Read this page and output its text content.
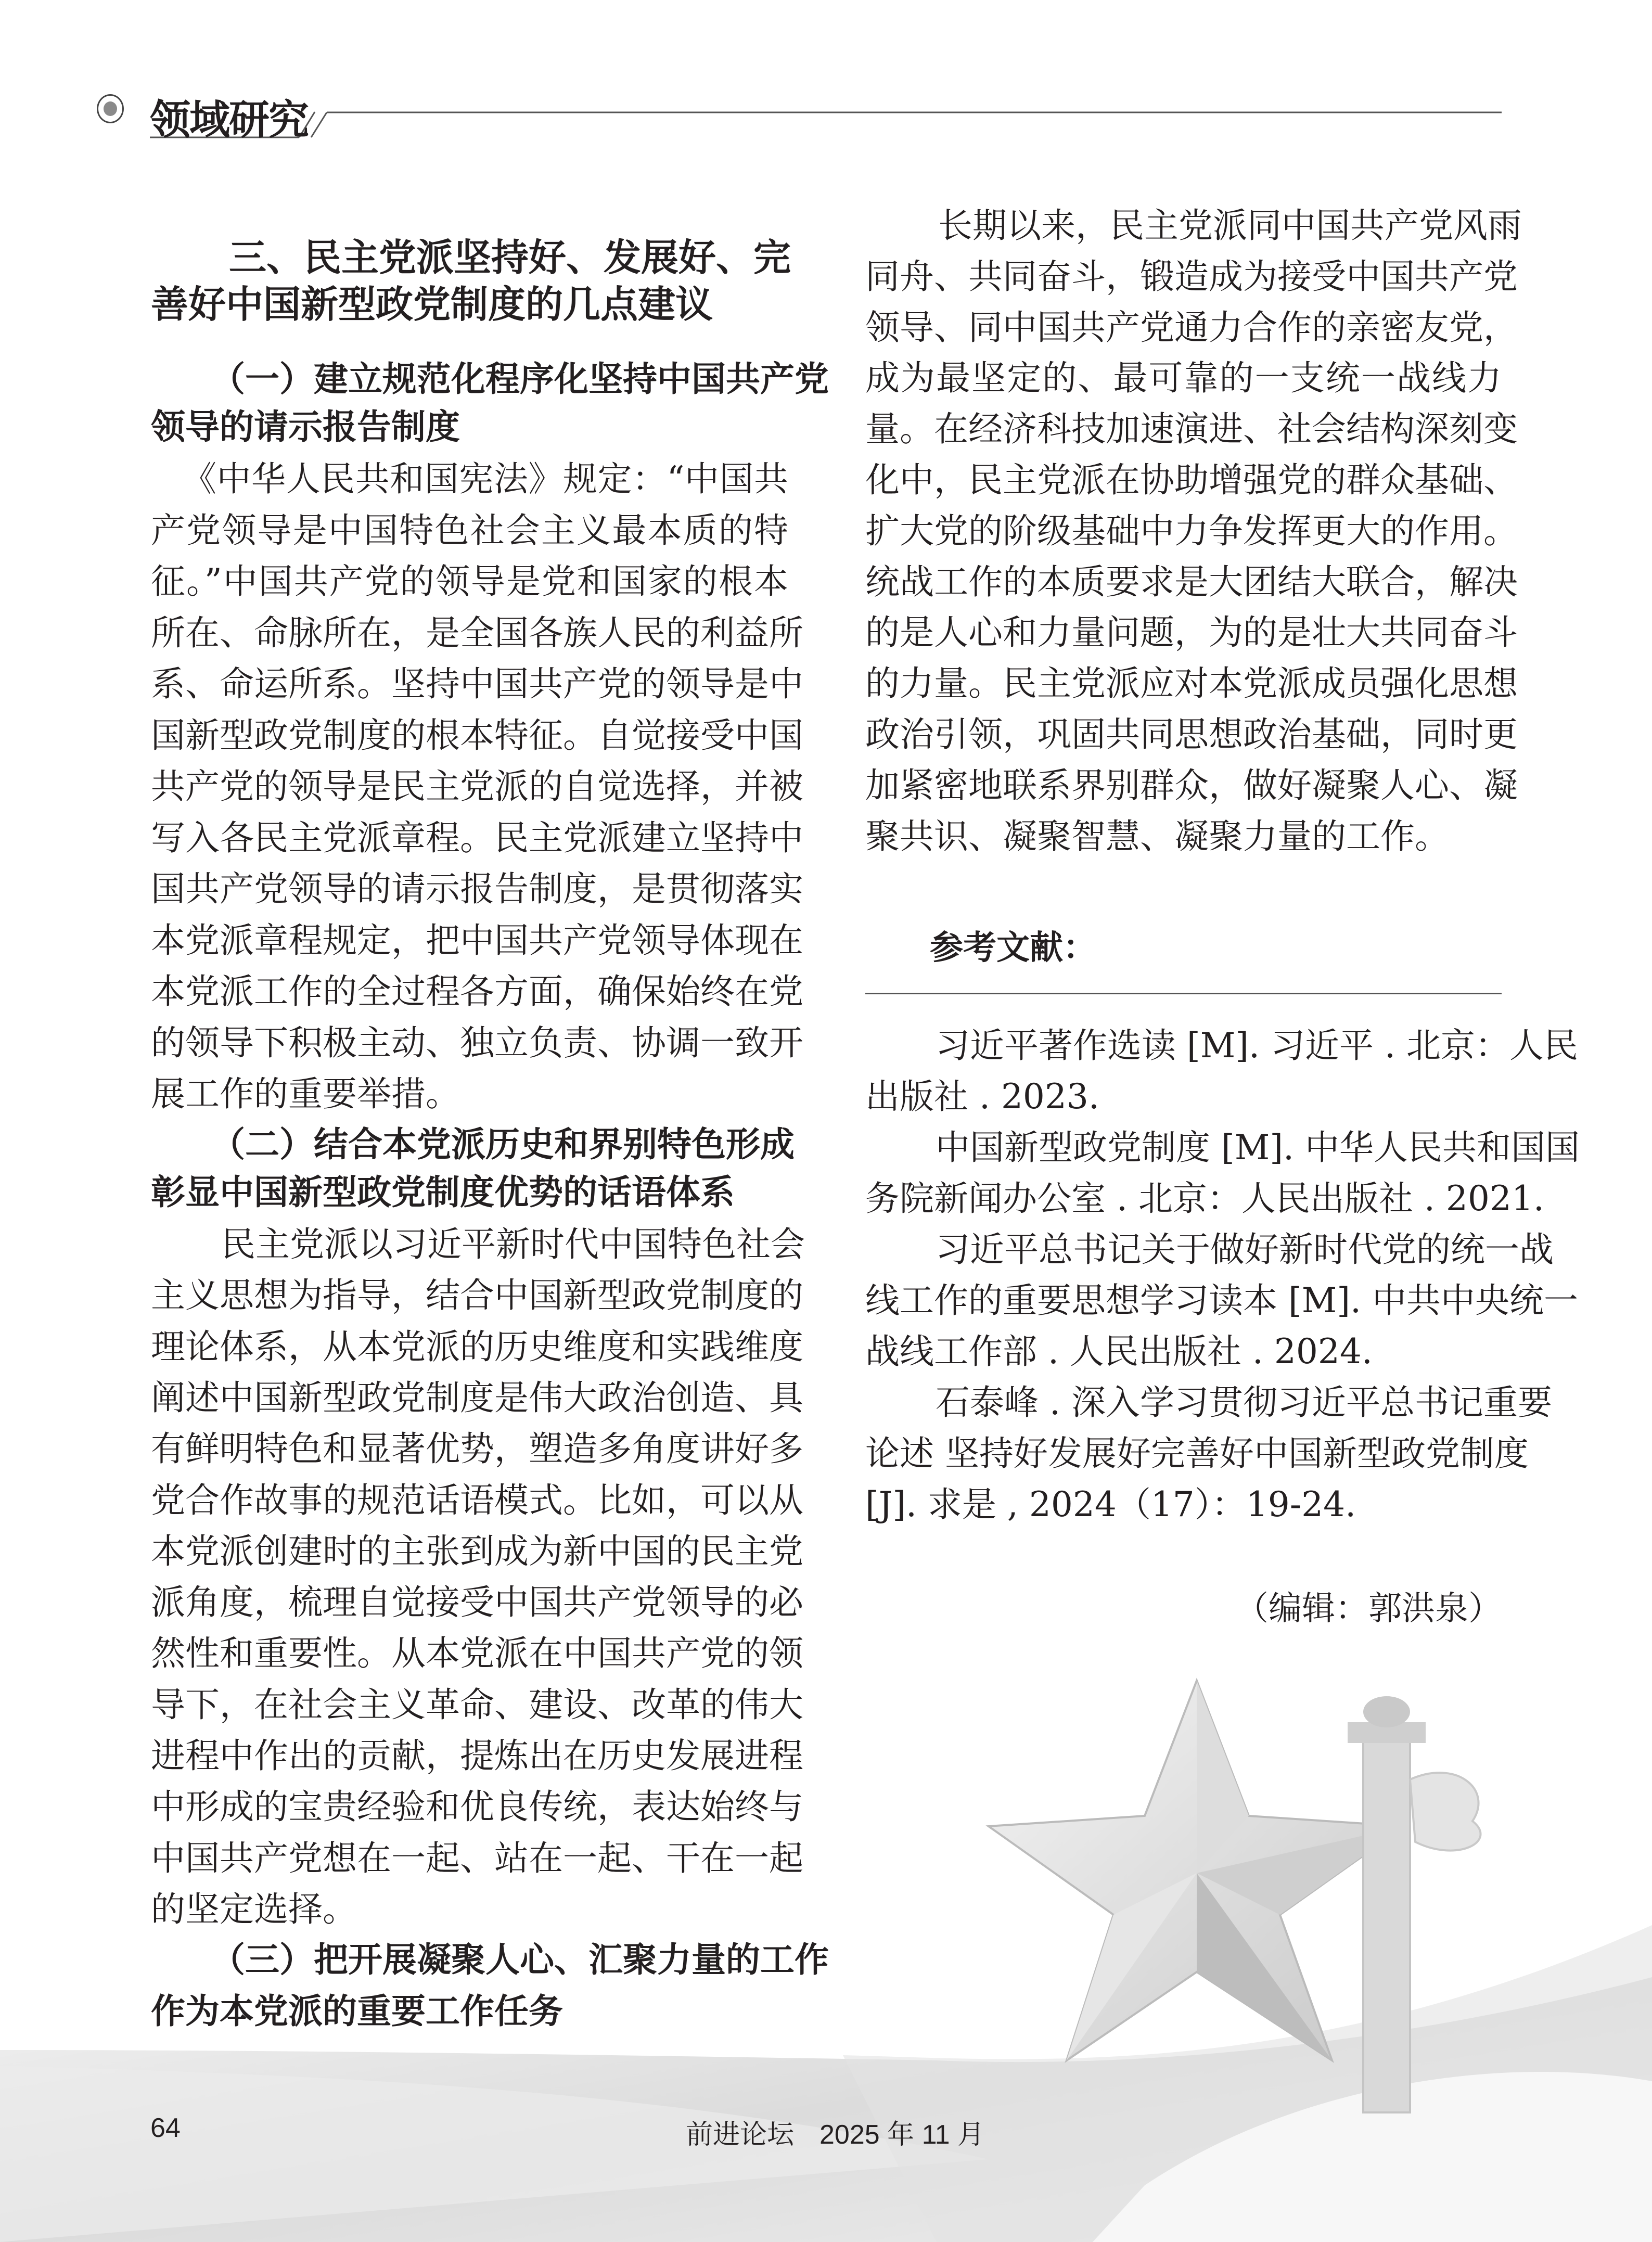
领域研究
三、民主党派坚持好、发展好、完
善好中国新型政党制度的几点建议
（一）建立规范化程序化坚持中国共产党
领导的请示报告制度
《中华人民共和国宪法》规定：“中国共
产党领导是中国特色社会主义最本质的特
征。”中国共产党的领导是党和国家的根本
所在、命脉所在，是全国各族人民的利益所
系、命运所系。坚持中国共产党的领导是中
国新型政党制度的根本特征。自觉接受中国
共产党的领导是民主党派的自觉选择，并被
写入各民主党派章程。民主党派建立坚持中
国共产党领导的请示报告制度，是贯彻落实
本党派章程规定，把中国共产党领导体现在
本党派工作的全过程各方面，确保始终在党
的领导下积极主动、独立负责、协调一致开
展工作的重要举措。
（二）结合本党派历史和界别特色形成
彰显中国新型政党制度优势的话语体系
民主党派以习近平新时代中国特色社会
主义思想为指导，结合中国新型政党制度的
理论体系，从本党派的历史维度和实践维度
阐述中国新型政党制度是伟大政治创造、具
有鲜明特色和显著优势，塑造多角度讲好多
党合作故事的规范话语模式。比如，可以从
本党派创建时的主张到成为新中国的民主党
派角度，梳理自觉接受中国共产党领导的必
然性和重要性。从本党派在中国共产党的领
导下，在社会主义革命、建设、改革的伟大
进程中作出的贡献，提炼出在历史发展进程
中形成的宝贵经验和优良传统，表达始终与
中国共产党想在一起、站在一起、干在一起
的坚定选择。
（三）把开展凝聚人心、汇聚力量的工作
作为本党派的重要工作任务
长期以来，民主党派同中国共产党风雨
同舟、共同奋斗，锻造成为接受中国共产党
领导、同中国共产党通力合作的亲密友党，
成为最坚定的、最可靠的一支统一战线力
量。在经济科技加速演进、社会结构深刻变
化中，民主党派在协助增强党的群众基础、
扩大党的阶级基础中力争发挥更大的作用。
统战工作的本质要求是大团结大联合，解决
的是人心和力量问题，为的是壮大共同奋斗
的力量。民主党派应对本党派成员强化思想
政治引领，巩固共同思想政治基础，同时更
加紧密地联系界别群众，做好凝聚人心、凝
聚共识、凝聚智慧、凝聚力量的工作。
习近平著作选读 [M]. 习近平 . 北京：人民
出版社 . 2023.
中国新型政党制度 [M]. 中华人民共和国国
务院新闻办公室 . 北京：人民出版社 . 2021.
习近平总书记关于做好新时代党的统一战
线工作的重要思想学习读本 [M]. 中共中央统一
战线工作部 . 人民出版社 . 2024.
石泰峰 . 深入学习贯彻习近平总书记重要
论述 坚持好发展好完善好中国新型政党制度
[J]. 求是 , 2024（17）：19-24.
参考文献：
（编辑：郭洪泉）
64	前进论坛 2025 年 11 月
